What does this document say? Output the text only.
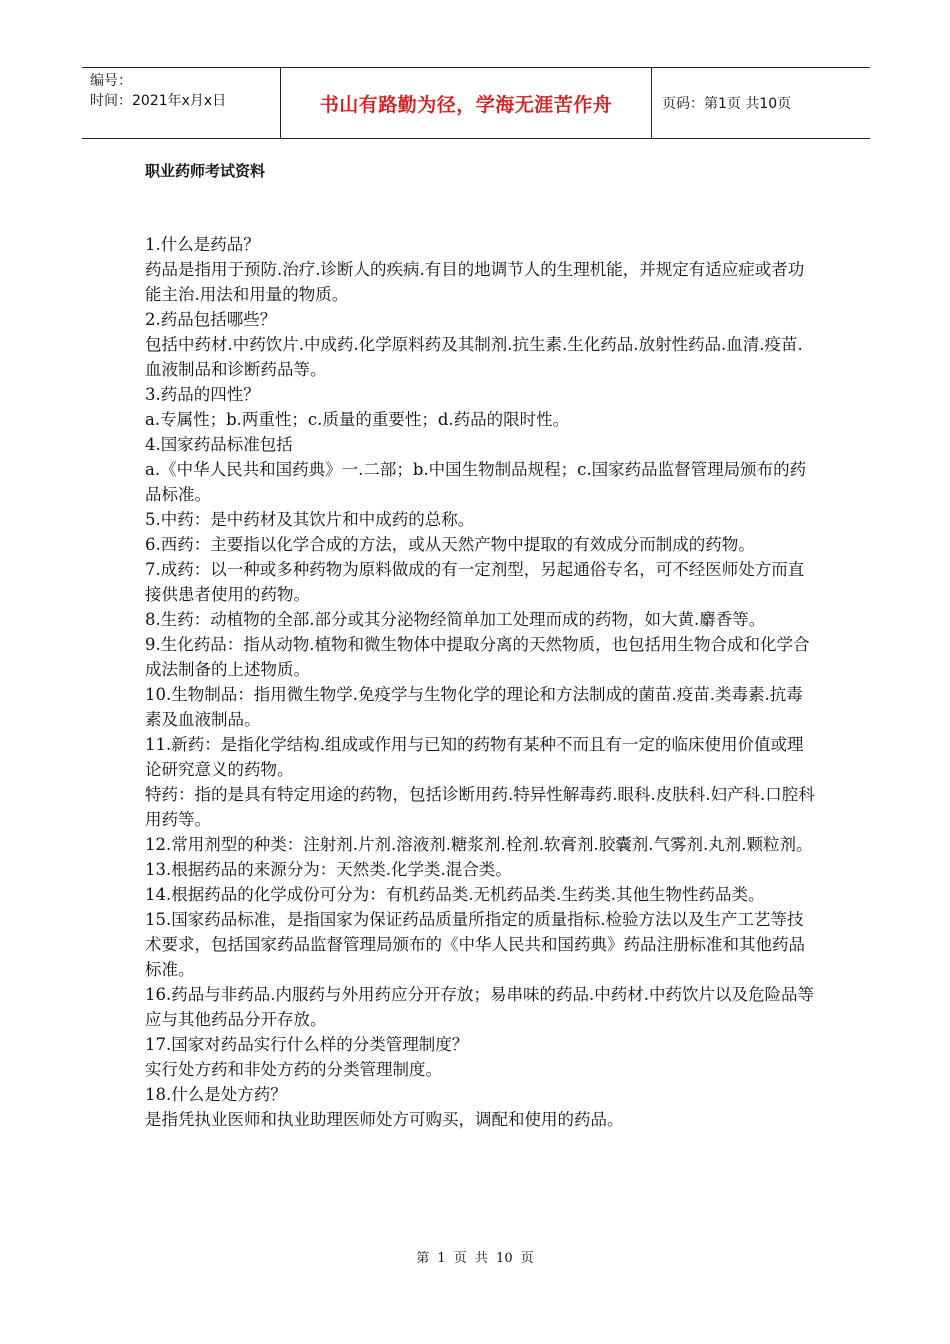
编号：
时间：2021年x月x日	书山有路勤为径，学海无涯苦作舟	页码：第1页 共10页
职业药师考试资料

1.什么是药品？

药品是指用于预防.治疗.诊断人的疾病.有目的地调节人的生理机能，并规定有适应症或者功能主治.用法和用量的物质。

2.药品包括哪些？

包括中药材.中药饮片.中成药.化学原料药及其制剂.抗生素.生化药品.放射性药品.血清.疫苗.血液制品和诊断药品等。

3.药品的四性？

a.专属性；b.两重性；c.质量的重要性；d.药品的限时性。

4.国家药品标准包括

a.《中华人民共和国药典》一.二部；b.中国生物制品规程；c.国家药品监督管理局颁布的药品标准。

5.中药：是中药材及其饮片和中成药的总称。

6.西药：主要指以化学合成的方法，或从天然产物中提取的有效成分而制成的药物。

7.成药：以一种或多种药物为原料做成的有一定剂型，另起通俗专名，可不经医师处方而直接供患者使用的药物。

8.生药：动植物的全部.部分或其分泌物经简单加工处理而成的药物，如大黄.麝香等。

9.生化药品：指从动物.植物和微生物体中提取分离的天然物质，也包括用生物合成和化学合成法制备的上述物质。

10.生物制品：指用微生物学.免疫学与生物化学的理论和方法制成的菌苗.疫苗.类毒素.抗毒素及血液制品。

11.新药：是指化学结构.组成或作用与已知的药物有某种不而且有一定的临床使用价值或理论研究意义的药物。

特药：指的是具有特定用途的药物，包括诊断用药.特异性解毒药.眼科.皮肤科.妇产科.口腔科用药等。

12.常用剂型的种类：注射剂.片剂.溶液剂.糖浆剂.栓剂.软膏剂.胶囊剂.气雾剂.丸剂.颗粒剂。

13.根据药品的来源分为：天然类.化学类.混合类。

14.根据药品的化学成份可分为：有机药品类.无机药品类.生药类.其他生物性药品类。

15.国家药品标准，是指国家为保证药品质量所指定的质量指标.检验方法以及生产工艺等技术要求，包括国家药品监督管理局颁布的《中华人民共和国药典》药品注册标准和其他药品标准。

16.药品与非药品.内服药与外用药应分开存放；易串味的药品.中药材.中药饮片以及危险品等应与其他药品分开存放。

17.国家对药品实行什么样的分类管理制度？

实行处方药和非处方药的分类管理制度。

18.什么是处方药？

是指凭执业医师和执业助理医师处方可购买，调配和使用的药品。

第 1 页 共 10 页
